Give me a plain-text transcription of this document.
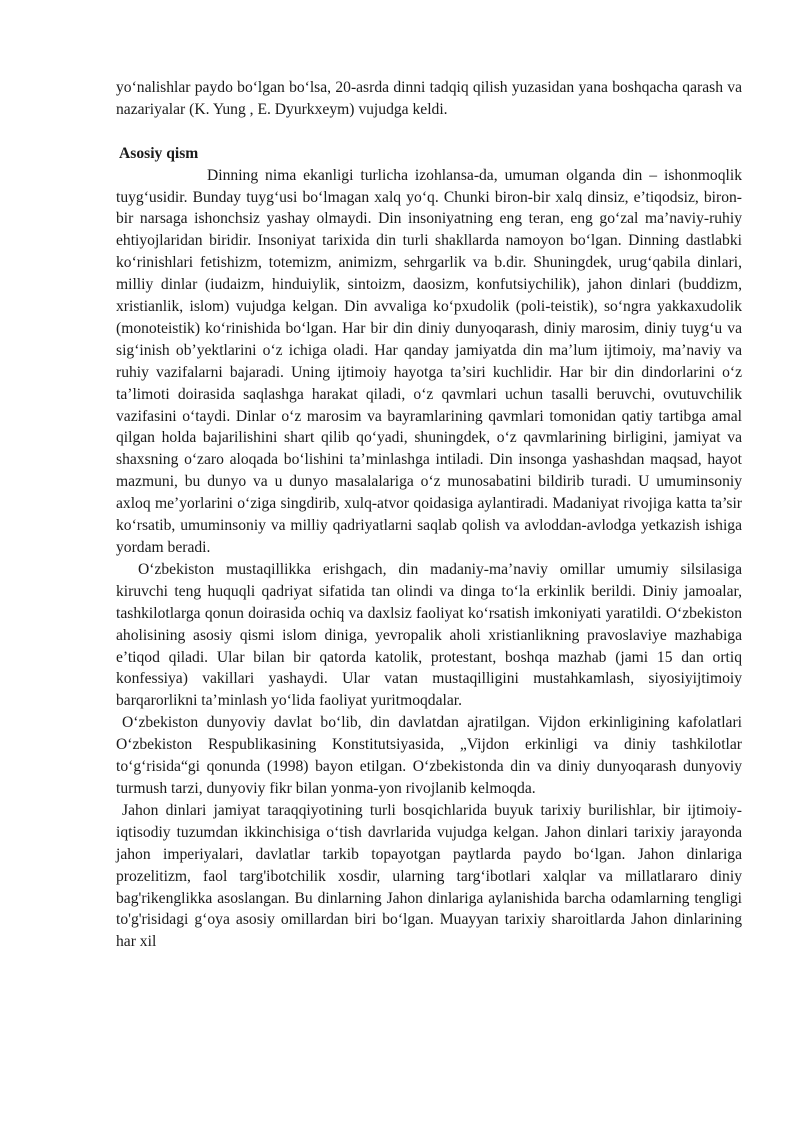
yo‘nalishlar paydo bo‘lgan bo‘lsa, 20-asrda dinni tadqiq qilish yuzasidan yana boshqacha qarash va nazariyalar (K. Yung , E. Dyurkxeym) vujudga keldi.

Asosiy qism

Dinning nima ekanligi turlicha izohlansa-da, umuman olganda din – ishonmoqlik tuyg‘usidir. Bunday tuyg‘usi bo‘lmagan xalq yo‘q. Chunki biron-bir xalq dinsiz, e’tiqodsiz, biron-bir narsaga ishonchsiz yashay olmaydi. Din insoniyatning eng teran, eng go‘zal ma’naviy-ruhiy ehtiyojlaridan biridir. Insoniyat tarixida din turli shakllarda namoyon bo‘lgan. Dinning dastlabki ko‘rinishlari fetishizm, totemizm, animizm, sehrgarlik va b.dir. Shuningdek, urug‘qabila dinlari, milliy dinlar (iudaizm, hinduiylik, sintoizm, daosizm, konfutsiychilik), jahon dinlari (buddizm, xristianlik, islom) vujudga kelgan. Din avvaliga ko‘pxudolik (poli-teistik), so‘ngra yakkaxudolik (monoteistik) ko‘rinishida bo‘lgan. Har bir din diniy dunyoqarash, diniy marosim, diniy tuyg‘u va sig‘inish ob’yektlarini o‘z ichiga oladi. Har qanday jamiyatda din ma’lum ijtimoiy, ma’naviy va ruhiy vazifalarni bajaradi. Uning ijtimoiy hayotga ta’siri kuchlidir. Har bir din dindorlarini o‘z ta’limoti doirasida saqlashga harakat qiladi, o‘z qavmlari uchun tasalli beruvchi, ovutuvchilik vazifasini o‘taydi. Dinlar o‘z marosim va bayramlarining qavmlari tomonidan qatiy tartibga amal qilgan holda bajarilishini shart qilib qo‘yadi, shuningdek, o‘z qavmlarining birligini, jamiyat va shaxsning o‘zaro aloqada bo‘lishini ta’minlashga intiladi. Din insonga yashashdan maqsad, hayot mazmuni, bu dunyo va u dunyo masalalariga o‘z munosabatini bildirib turadi. U umuminsoniy axloq me’yorlarini o‘ziga singdirib, xulq-atvor qoidasiga aylantiradi. Madaniyat rivojiga katta ta’sir ko‘rsatib, umuminsoniy va milliy qadriyatlarni saqlab qolish va avloddan-avlodga yetkazish ishiga yordam beradi.

O‘zbekiston mustaqillikka erishgach, din madaniy-ma’naviy omillar umumiy silsilasiga kiruvchi teng huquqli qadriyat sifatida tan olindi va dinga to‘la erkinlik berildi. Diniy jamoalar, tashkilotlarga qonun doirasida ochiq va daxlsiz faoliyat ko‘rsatish imkoniyati yaratildi. O‘zbekiston aholisining asosiy qismi islom diniga, yevropalik aholi xristianlikning pravoslaviye mazhabiga e’tiqod qiladi. Ular bilan bir qatorda katolik, protestant, boshqa mazhab (jami 15 dan ortiq konfessiya) vakillari yashaydi. Ular vatan mustaqilligini mustahkamlash, siyosiyijtimoiy barqarorlikni ta’minlash yo‘lida faoliyat yuritmoqdalar.

O‘zbekiston dunyoviy davlat bo‘lib, din davlatdan ajratilgan. Vijdon erkinligining kafolatlari O‘zbekiston Respublikasining Konstitutsiyasida, „Vijdon erkinligi va diniy tashkilotlar to‘g‘risida“gi qonunda (1998) bayon etilgan. O‘zbekistonda din va diniy dunyoqarash dunyoviy turmush tarzi, dunyoviy fikr bilan yonma-yon rivojlanib kelmoqda.

Jahon dinlari jamiyat taraqqiyotining turli bosqichlarida buyuk tarixiy burilishlar, bir ijtimoiy-iqtisodiy tuzumdan ikkinchisiga o‘tish davrlarida vujudga kelgan. Jahon dinlari tarixiy jarayonda jahon imperiyalari, davlatlar tarkib topayotgan paytlarda paydo bo‘lgan. Jahon dinlariga prozelitizm, faol targ'ibotchilik xosdir, ularning targ‘ibotlari xalqlar va millatlararo diniy bag'rikenglikka asoslangan. Bu dinlarning Jahon dinlariga aylanishida barcha odamlarning tengligi to'g'risidagi g‘oya asosiy omillardan biri bo‘lgan. Muayyan tarixiy sharoitlarda Jahon dinlarining har xil
